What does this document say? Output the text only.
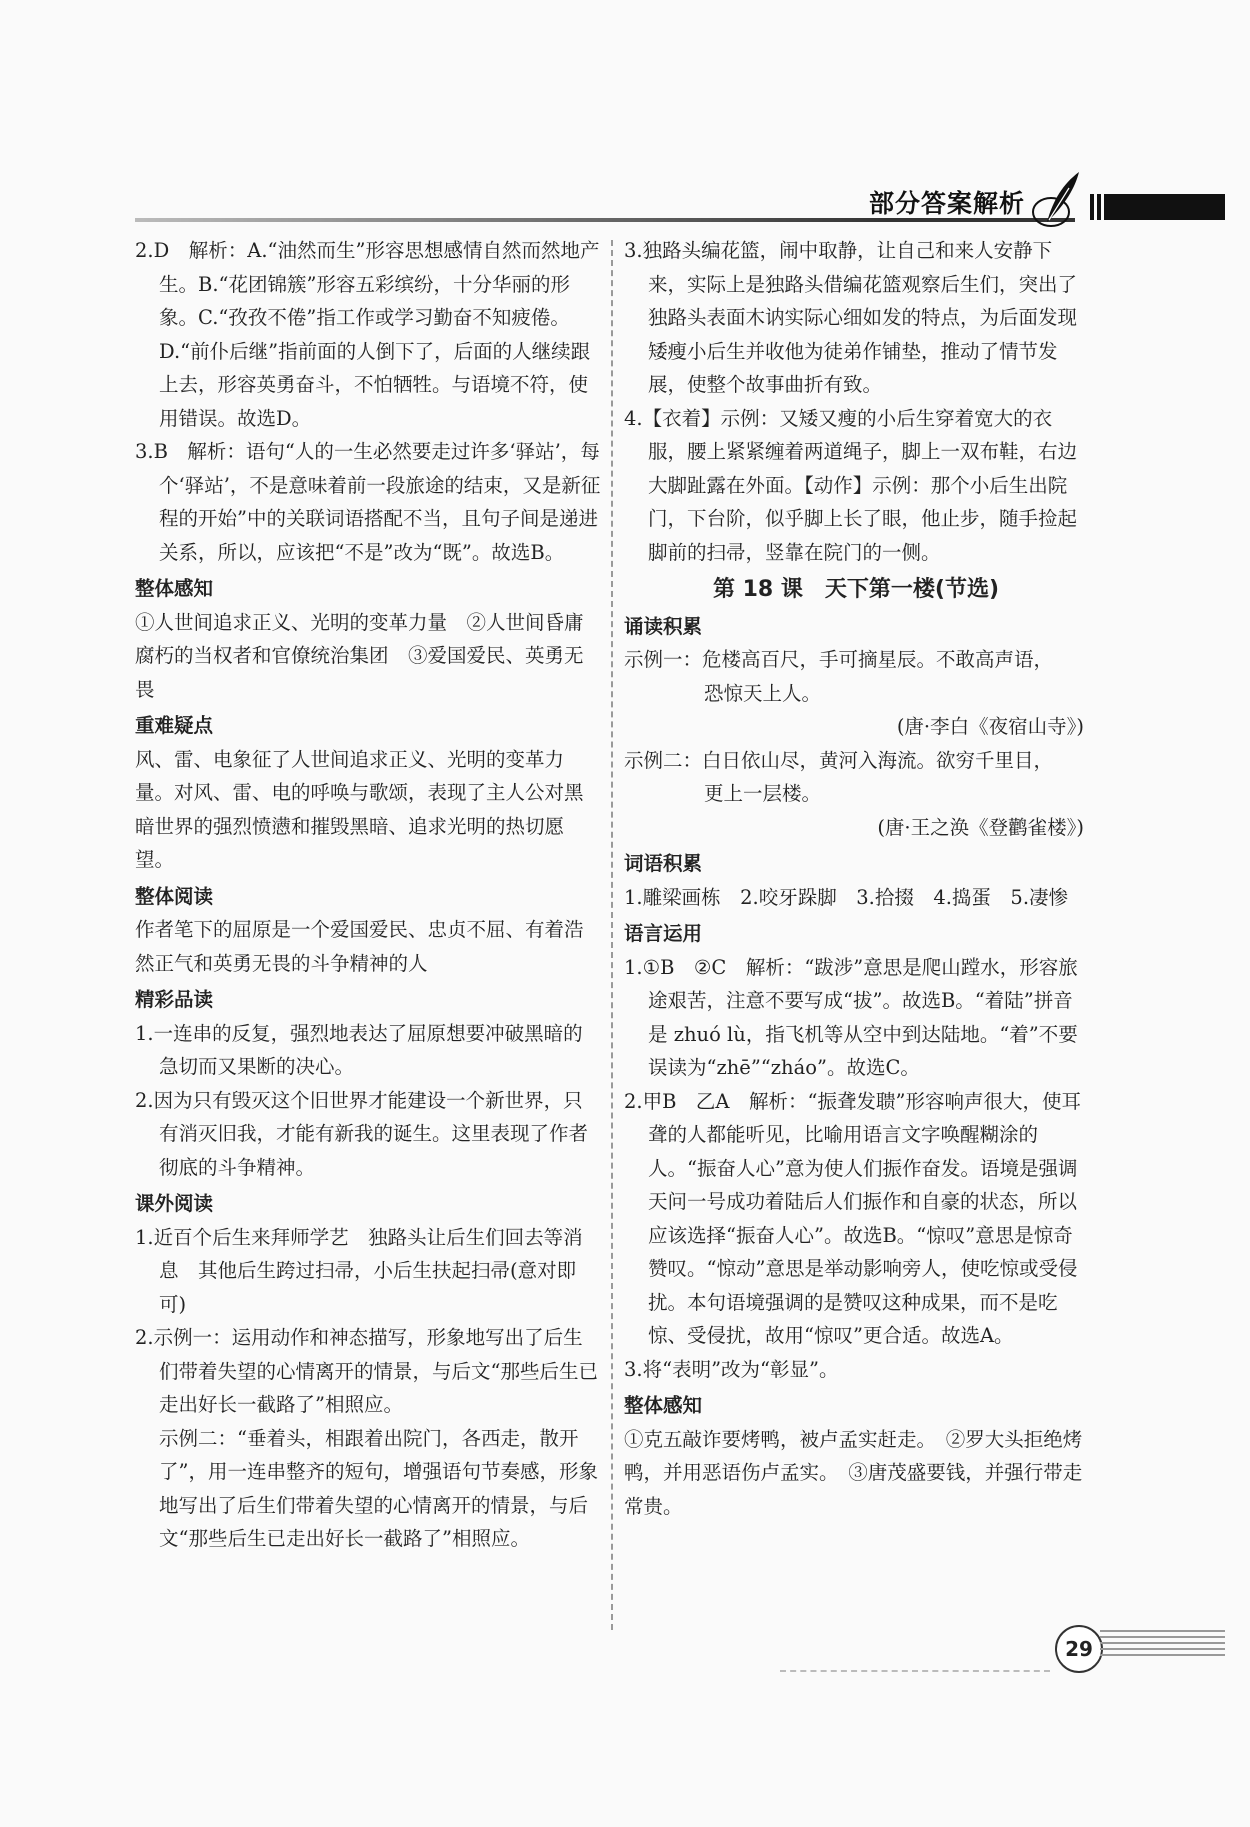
部分答案解析
2.D　解析：A.“油然而生”形容思想感情自然而然地产生。B.“花团锦簇”形容五彩缤纷，十分华丽的形象。C.“孜孜不倦”指工作或学习勤奋不知疲倦。D.“前仆后继”指前面的人倒下了，后面的人继续跟上去，形容英勇奋斗，不怕牺牲。与语境不符，使用错误。故选D。
3.B　解析：语句“人的一生必然要走过许多‘驿站’，每个‘驿站’，不是意味着前一段旅途的结束，又是新征程的开始”中的关联词语搭配不当，且句子间是递进关系，所以，应该把“不是”改为“既”。故选B。
整体感知
①人世间追求正义、光明的变革力量　②人世间昏庸腐朽的当权者和官僚统治集团　③爱国爱民、英勇无畏
重难疑点
风、雷、电象征了人世间追求正义、光明的变革力量。对风、雷、电的呼唤与歌颂，表现了主人公对黑暗世界的强烈愤懑和摧毁黑暗、追求光明的热切愿望。
整体阅读
作者笔下的屈原是一个爱国爱民、忠贞不屈、有着浩然正气和英勇无畏的斗争精神的人
精彩品读
1.一连串的反复，强烈地表达了屈原想要冲破黑暗的急切而又果断的决心。
2.因为只有毁灭这个旧世界才能建设一个新世界，只有消灭旧我，才能有新我的诞生。这里表现了作者彻底的斗争精神。
课外阅读
1.近百个后生来拜师学艺　独路头让后生们回去等消息　其他后生跨过扫帚，小后生扶起扫帚(意对即可)
2.示例一：运用动作和神态描写，形象地写出了后生们带着失望的心情离开的情景，与后文“那些后生已走出好长一截路了”相照应。
示例二：“垂着头，相跟着出院门，各西走，散开了”，用一连串整齐的短句，增强语句节奏感，形象地写出了后生们带着失望的心情离开的情景，与后文“那些后生已走出好长一截路了”相照应。
3.独路头编花篮，闹中取静，让自己和来人安静下来，实际上是独路头借编花篮观察后生们，突出了独路头表面木讷实际心细如发的特点，为后面发现矮瘦小后生并收他为徒弟作铺垫，推动了情节发展，使整个故事曲折有致。
4.【衣着】示例：又矮又瘦的小后生穿着宽大的衣服，腰上紧紧缠着两道绳子，脚上一双布鞋，右边大脚趾露在外面。【动作】示例：那个小后生出院门，下台阶，似乎脚上长了眼，他止步，随手捡起脚前的扫帚，竖靠在院门的一侧。
第 18 课　天下第一楼(节选)
诵读积累
示例一：危楼高百尺，手可摘星辰。不敢高声语，
恐惊天上人。
(唐·李白《夜宿山寺》)
示例二：白日依山尽，黄河入海流。欲穷千里目，
更上一层楼。
(唐·王之涣《登鹳雀楼》)
词语积累
1.雕梁画栋　2.咬牙跺脚　3.拾掇　4.捣蛋　5.凄惨
语言运用
1.①B　②C　解析：“跋涉”意思是爬山蹚水，形容旅途艰苦，注意不要写成“拔”。故选B。“着陆”拼音是 zhuó lù，指飞机等从空中到达陆地。“着”不要误读为“zhē”“zháo”。故选C。
2.甲B　乙A　解析：“振聋发聩”形容响声很大，使耳聋的人都能听见，比喻用语言文字唤醒糊涂的人。“振奋人心”意为使人们振作奋发。语境是强调天问一号成功着陆后人们振作和自豪的状态，所以应该选择“振奋人心”。故选B。“惊叹”意思是惊奇赞叹。“惊动”意思是举动影响旁人，使吃惊或受侵扰。本句语境强调的是赞叹这种成果，而不是吃惊、受侵扰，故用“惊叹”更合适。故选A。
3.将“表明”改为“彰显”。
整体感知
①克五敲诈要烤鸭，被卢孟实赶走。　②罗大头拒绝烤鸭，并用恶语伤卢孟实。　③唐茂盛要钱，并强行带走常贵。
29
